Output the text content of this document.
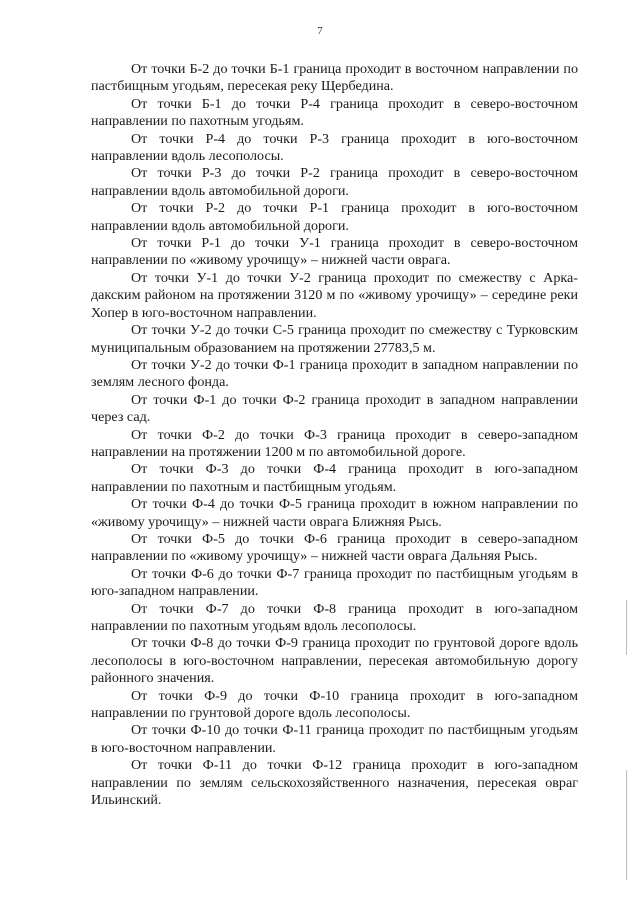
7

От точки Б-2 до точки Б-1 граница проходит в восточном направлении по пастбищным угодьям, пересекая реку Щербедина.

От точки Б-1 до точки Р-4 граница проходит в северо-восточном направлении по пахотным угодьям.

От точки Р-4 до точки Р-3 граница проходит в юго-восточном направлении вдоль лесополосы.

От точки Р-3 до точки Р-2 граница проходит в северо-восточном направлении вдоль автомобильной дороги.

От точки Р-2 до точки Р-1 граница проходит в юго-восточном направлении вдоль автомобильной дороги.

От точки Р-1 до точки У-1 граница проходит в северо-восточном направлении по «живому урочищу» – нижней части оврага.

От точки У-1 до точки У-2 граница проходит по смежеству с Аркадакским районом на протяжении 3120 м по «живому урочищу» – середине реки Хопер в юго-восточном направлении.

От точки У-2 до точки С-5 граница проходит по смежеству с Турковским муниципальным образованием на протяжении 27783,5 м.

От точки У-2 до точки Ф-1 граница проходит в западном направлении по землям лесного фонда.

От точки Ф-1 до точки Ф-2 граница проходит в западном направлении через сад.

От точки Ф-2 до точки Ф-3 граница проходит в северо-западном направлении на протяжении 1200 м по автомобильной дороге.

От точки Ф-3 до точки Ф-4 граница проходит в юго-западном направлении по пахотным и пастбищным угодьям.

От точки Ф-4 до точки Ф-5 граница проходит в южном направлении по «живому урочищу» – нижней части оврага Ближняя Рысь.

От точки Ф-5 до точки Ф-6 граница проходит в северо-западном направлении по «живому урочищу» – нижней части оврага Дальняя Рысь.

От точки Ф-6 до точки Ф-7 граница проходит по пастбищным угодьям в юго-западном направлении.

От точки Ф-7 до точки Ф-8 граница проходит в юго-западном направлении по пахотным угодьям вдоль лесополосы.

От точки Ф-8 до точки Ф-9 граница проходит по грунтовой дороге вдоль лесополосы в юго-восточном направлении, пересекая автомобильную дорогу районного значения.

От точки Ф-9 до точки Ф-10 граница проходит в юго-западном направлении по грунтовой дороге вдоль лесополосы.

От точки Ф-10 до точки Ф-11 граница проходит по пастбищным угодьям в юго-восточном направлении.

От точки Ф-11 до точки Ф-12 граница проходит в юго-западном направлении по землям сельскохозяйственного назначения, пересекая овраг Ильинский.
